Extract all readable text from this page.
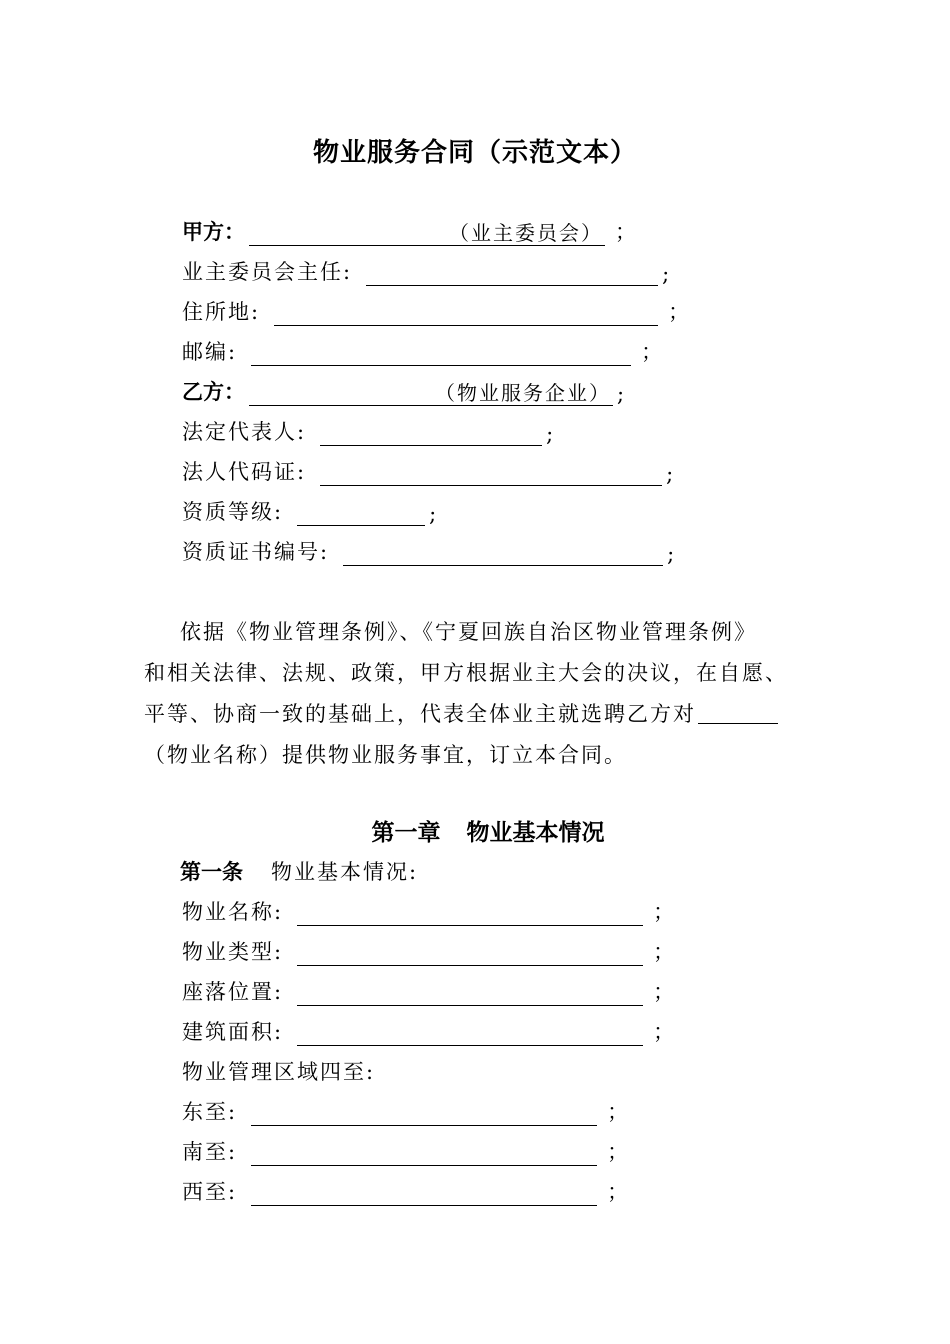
物业服务合同（示范文本）
甲方：	（业主委员会） ；
业主委员会主任:	;
住所地:	；
邮编:	；
乙方：	（物业服务企业） ;
法定代表人:	;
法人代码证:	;
资质等级:	;
资质证书编号:	;
依据《物业管理条例》、《宁夏回族自治区物业管理条例》
和相关法律、法规、政策，甲方根据业主大会的决议，在自愿、
平等、协商一致的基础上，代表全体业主就选聘乙方对
（物业名称）提供物业服务事宜，订立本合同。
第一章 物业基本情况
第一条 物业基本情况:
物业名称:	；
物业类型:	；
座落位置:	；
建筑面积:	；
物业管理区域四至:
东至:	；
南至:	；
西至:	；
